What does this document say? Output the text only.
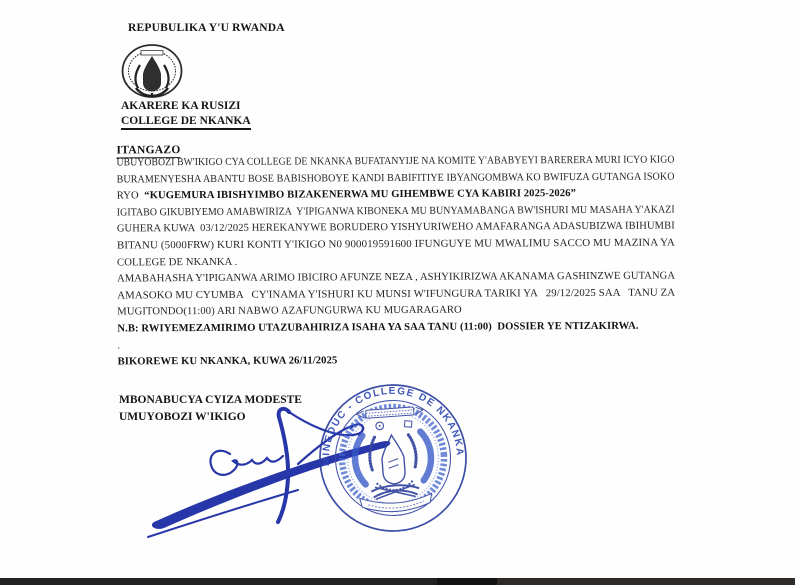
REPUBULIKA Y'U RWANDA
AKARERE KA RUSIZI
COLLEGE DE NKANKA
ITANGAZO
UBUYOBOZI BW'IKIGO CYA COLLEGE DE NKANKA BUFATANYIJE NA KOMITE Y'ABABYEYI BARERERA MURI ICYO KIGO
BURAMENYESHA ABANTU BOSE BABISHOBOYE KANDI BABIFITIYE IBYANGOMBWA KO BWIFUZA GUTANGA ISOKO
RYO  “KUGEMURA IBISHYIMBO BIZAKENERWA MU GIHEMBWE CYA KABIRI 2025-2026”
IGITABO GIKUBIYEMO AMABWIRIZA  Y'IPIGANWA KIBONEKA MU BUNYAMABANGA BW'ISHURI MU MASAHA Y'AKAZI
GUHERA KUWA  03/12/2025 HEREKANYWE BORUDERO YISHYURIWEHO AMAFARANGA ADASUBIZWA IBIHUMBI
BITANU (5000FRW) KURI KONTI Y'IKIGO N0 900019591600 IFUNGUYE MU MWALIMU SACCO MU MAZINA YA
COLLEGE DE NKANKA .
AMABAHASHA Y'IPIGANWA ARIMO IBICIRO AFUNZE NEZA , ASHYIKIRIZWA AKANAMA GASHINZWE GUTANGA
AMASOKO MU CYUMBA   CY'INAMA Y'ISHURI KU MUNSI W'IFUNGURA TARIKI YA   29/12/2025 SAA   TANU ZA
MUGITONDO(11:00) ARI NABWO AZAFUNGURWA KU MUGARAGARO
N.B: RWIYEMEZAMIRIMO UTAZUBAHIRIZA ISAHA YA SAA TANU (11:00)  DOSSIER YE NTIZAKIRWA.
.
BIKOREWE KU NKANKA, KUWA 26/11/2025
MBONABUCYA CYIZA MODESTE
UMUYOBOZI W'IKIGO
MINEDUC - COLLEGE DE NKANKA
